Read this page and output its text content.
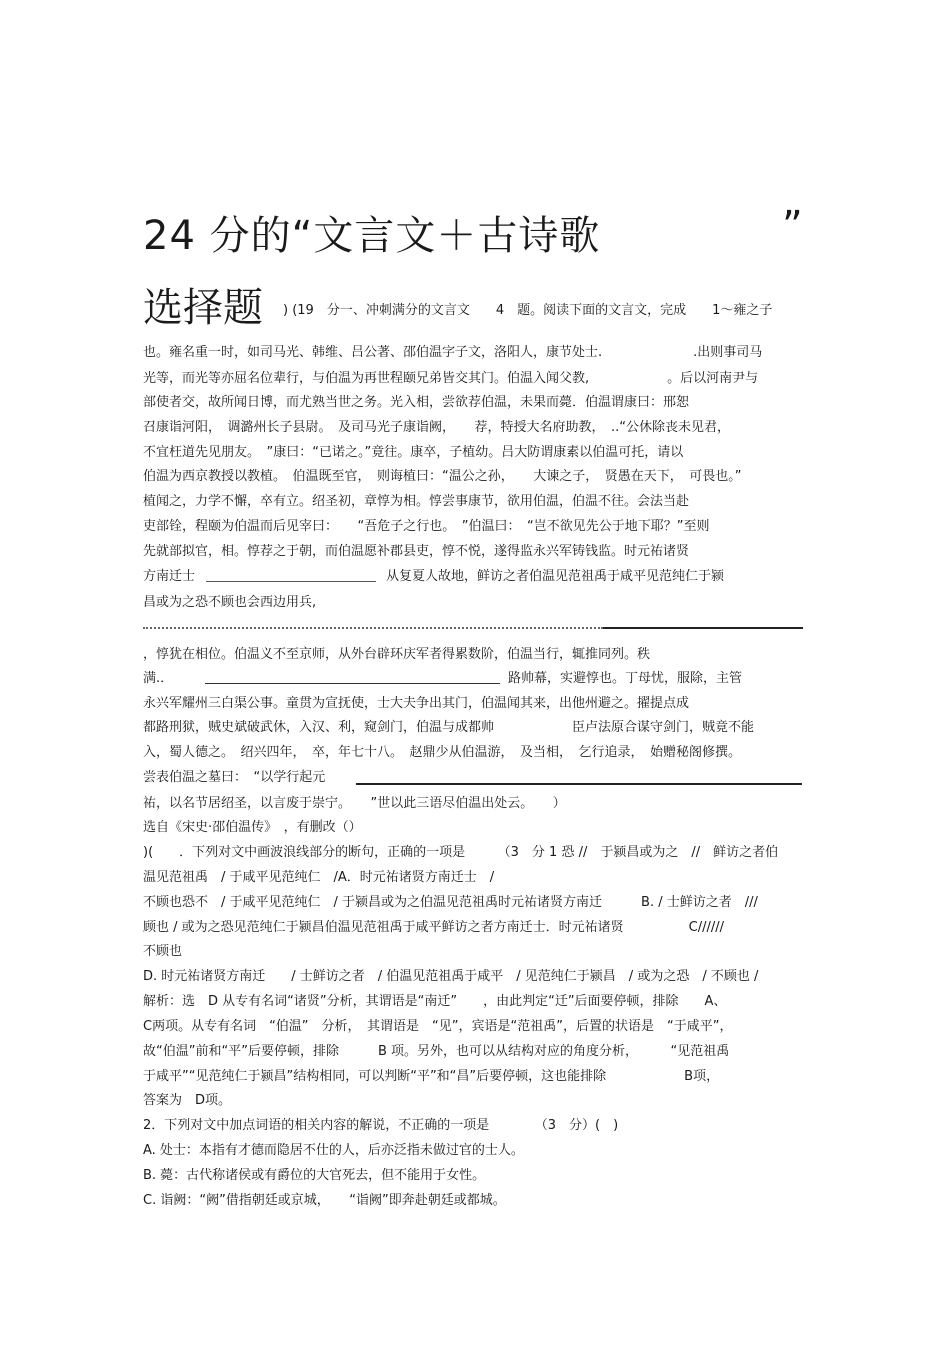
24 分的“文言文＋古诗歌	”
选择题 ) (19　分一、冲刺满分的文言文　　4　题。阅读下面的文言文，完成　　1～雍之子
也。雍名重一时，如司马光、韩维、吕公著、邵伯温字子文，洛阳人，康节处士.　　　　　　　.出则事司马
光等，而光等亦屈名位辈行，与伯温为再世程颐兄弟皆交其门。伯温入闻父教,　　　　　　。后以河南尹与
部使者交，故所闻日博，而尤熟当世之务。光入相，尝欲荐伯温，未果而薨．伯温谓康曰：邢恕
召康诣河阳，　调潞州长子县尉。　及司马光子康诣阙，　　荐，特授大名府助教，　..“公休除丧未见君，
不宜枉道先见朋友。　”康曰：“已诺之。”竟往。康卒，子植幼。吕大防谓康素以伯温可托，请以
伯温为西京教授以教植。　伯温既至官，　则诲植曰：“温公之孙，　　大谏之子，　贤愚在天下，　可畏也。”
植闻之，力学不懈，卒有立。绍圣初，章惇为相。惇尝事康节，欲用伯温，伯温不往。会法当赴
吏部铨，程颐为伯温而后见宰曰：　　“吾危子之行也。　”伯温曰：　“岂不欲见先公于地下耶？”至则
先就部拟官，相。惇荐之于朝，而伯温愿补郡县吏，惇不悦，遂得监永兴军铸钱监。时元祐诸贤
方南迁士	从复夏人故地，鲜访之者伯温见范祖禹于咸平见范纯仁于颍
昌或为之恐不顾也会西边用兵,
，惇犹在相位。伯温义不至京师，从外台辟环庆军者得累数阶，伯温当行，辄推同列。秩
满.．	路帅幕，实避惇也。丁母忧，服除，主管
永兴军耀州三白渠公事。童贯为宣抚使，士大夫争出其门，伯温闻其来，出他州避之。擢提点成
都路刑狱，贼史斌破武休，入汉、利，窥剑门，伯温与成都帅　　　　　　臣卢法原合谋守剑门，贼竟不能
入，蜀人德之。　绍兴四年，　卒，年七十八。　赵鼎少从伯温游，　及当相，　乞行追录，　始赠秘阁修撰。
尝表伯温之墓曰：　“以学行起元
祐，以名节居绍圣，以言废于崇宁。　　”世以此三语尽伯温出处云。　　）
选自《宋史·邵伯温传》　，有删改（）
)(　　．下列对文中画波浪线部分的断句，正确的一项是　　　（3　分 1 恐 //　于颍昌或为之　//　鲜访之者伯
温见范祖禹　/ 于咸平见范纯仁　/A．时元祐诸贤方南迁士　/
不顾也恐不　/ 于咸平见范纯仁　/ 于颍昌或为之伯温见范祖禹时元祐诸贤方南迁　　　B. / 士鲜访之者　///
顾也 / 或为之恐见范纯仁于颍昌伯温见范祖禹于咸平鲜访之者方南迁士．时元祐诸贤　　　　　C//////
不顾也
D. 时元祐诸贤方南迁　　/ 士鲜访之者　/ 伯温见范祖禹于咸平　/ 见范纯仁于颍昌　/ 或为之恐　/ 不顾也 /
解析：选　D 从专有名词“诸贤”分析，其谓语是“南迁”　　，由此判定“迁”后面要停顿，排除　　A、
C两项。从专有名词　“伯温”　分析，　其谓语是　“见”，宾语是“范祖禹”，后置的状语是　“于咸平”，
故“伯温”前和“平”后要停顿，排除　　　B 项。另外，也可以从结构对应的角度分析，　　　“见范祖禹
于咸平”“见范纯仁于颍昌”结构相同，可以判断“平”和“昌”后要停顿，这也能排除　　　　　　B项，
答案为　D项。
2．下列对文中加点词语的相关内容的解说，不正确的一项是　　　　（3　分）(　)
A. 处士：本指有才德而隐居不仕的人，后亦泛指未做过官的士人。
B. 薨：古代称诸侯或有爵位的大官死去，但不能用于女性。
C. 诣阙：“阙”借指朝廷或京城，　　“诣阙”即奔赴朝廷或都城。
